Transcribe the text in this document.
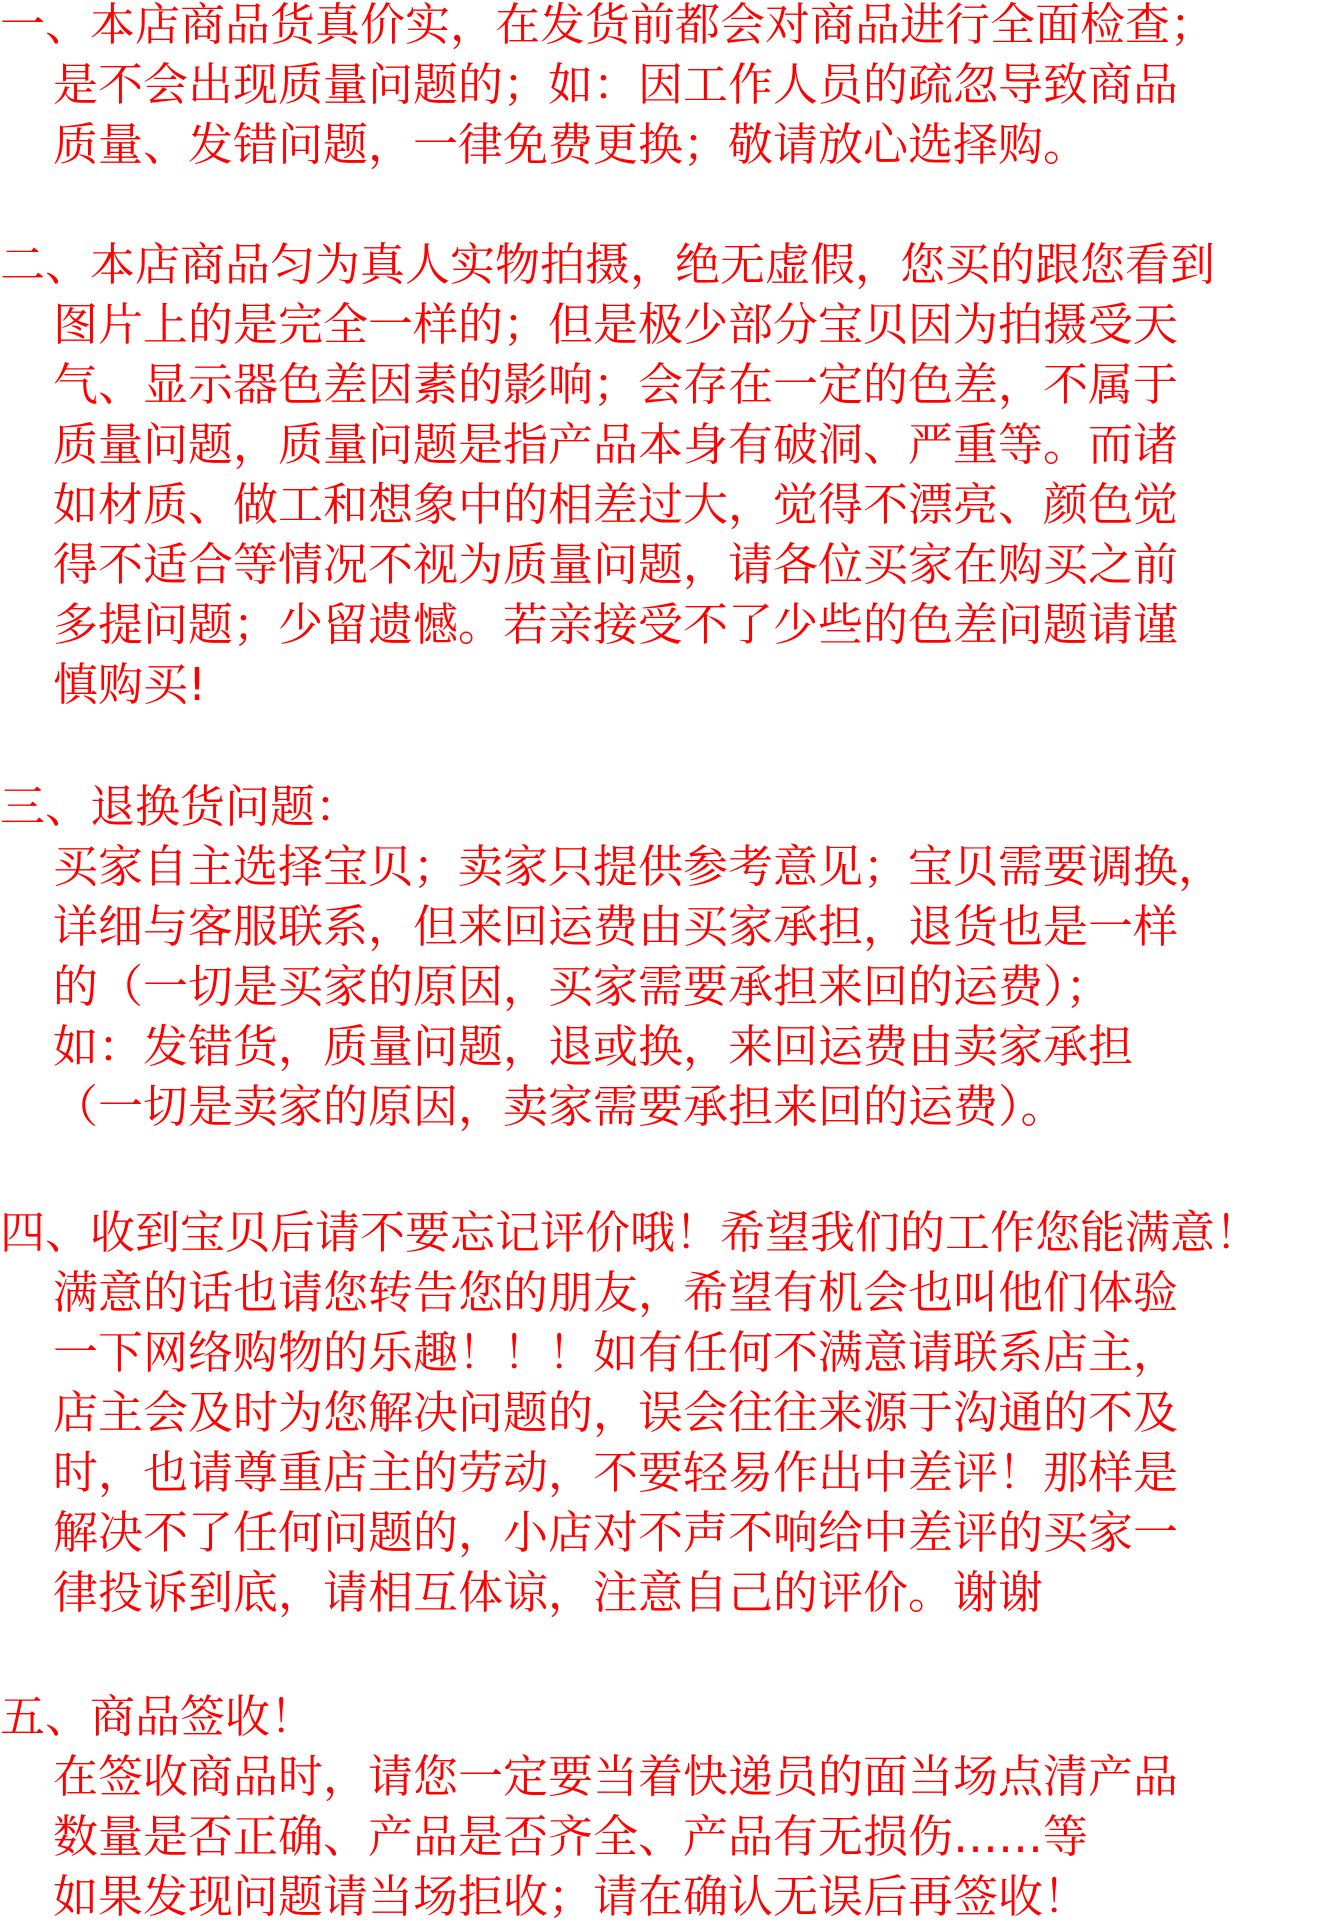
一、本店商品货真价实，在发货前都会对商品进行全面检查；
是不会出现质量问题的；如：因工作人员的疏忽导致商品
质量、发错问题，一律免费更换；敬请放心选择购。
二、本店商品匀为真人实物拍摄，绝无虚假，您买的跟您看到
图片上的是完全一样的；但是极少部分宝贝因为拍摄受天
气、显示器色差因素的影响；会存在一定的色差，不属于
质量问题，质量问题是指产品本身有破洞、严重等。而诸
如材质、做工和想象中的相差过大，觉得不漂亮、颜色觉
得不适合等情况不视为质量问题，请各位买家在购买之前
多提问题；少留遗憾。若亲接受不了少些的色差问题请谨
慎购买!
三、退换货问题：
买家自主选择宝贝；卖家只提供参考意见；宝贝需要调换，
详细与客服联系，但来回运费由买家承担，退货也是一样
的（一切是买家的原因，买家需要承担来回的运费）；
如：发错货，质量问题，退或换，来回运费由卖家承担
（一切是卖家的原因，卖家需要承担来回的运费）。
四、收到宝贝后请不要忘记评价哦！希望我们的工作您能满意！
满意的话也请您转告您的朋友，希望有机会也叫他们体验
一下网络购物的乐趣！！！如有任何不满意请联系店主，
店主会及时为您解决问题的，误会往往来源于沟通的不及
时，也请尊重店主的劳动，不要轻易作出中差评！那样是
解决不了任何问题的，小店对不声不响给中差评的买家一
律投诉到底，请相互体谅，注意自己的评价。谢谢
五、商品签收！
在签收商品时，请您一定要当着快递员的面当场点清产品
数量是否正确、产品是否齐全、产品有无损伤……等
如果发现问题请当场拒收；请在确认无误后再签收！
